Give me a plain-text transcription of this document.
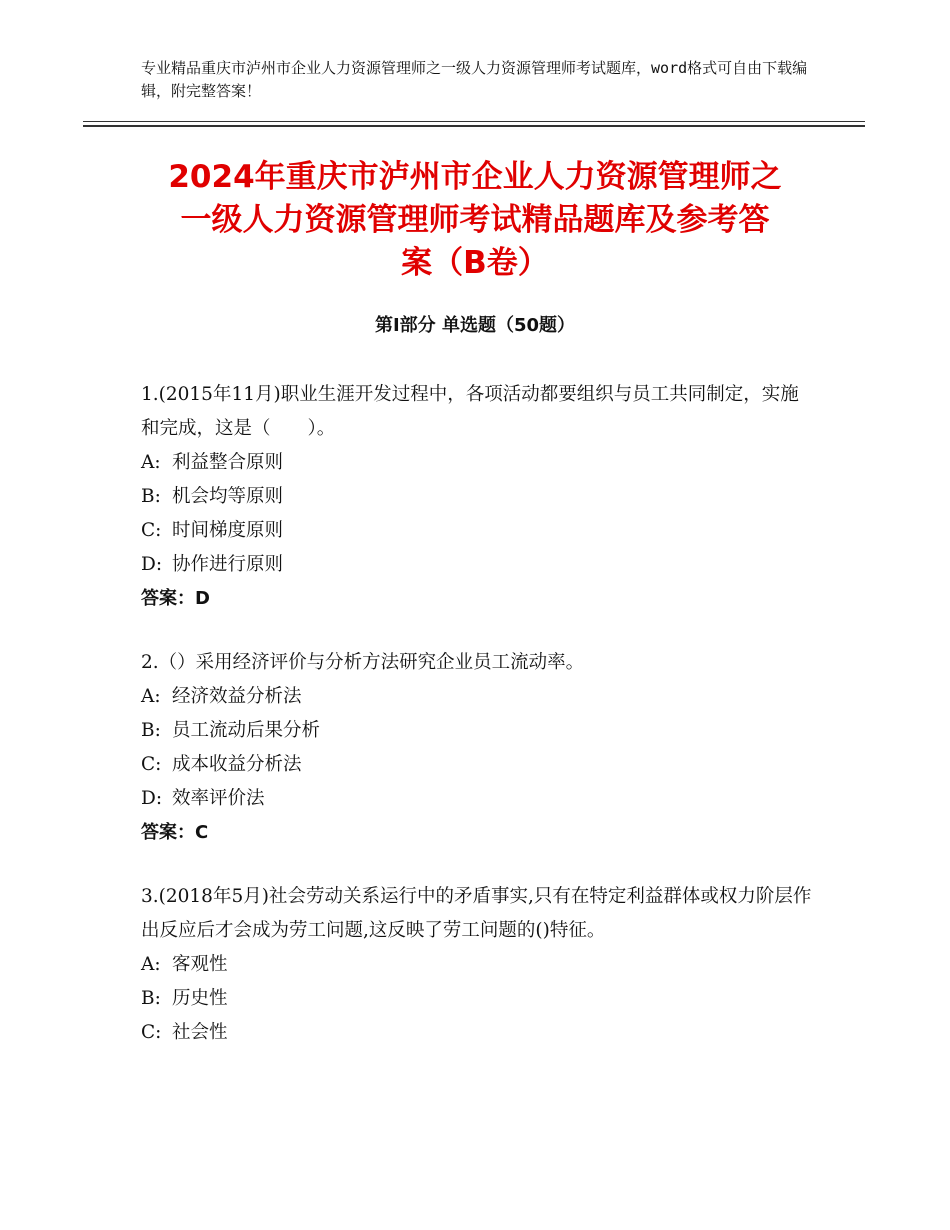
专业精品重庆市泸州市企业人力资源管理师之一级人力资源管理师考试题库，word格式可自由下载编辑，附完整答案！
2024年重庆市泸州市企业人力资源管理师之
一级人力资源管理师考试精品题库及参考答
案（B卷）
第Ⅰ部分 单选题（50题）

1.(2015年11月)职业生涯开发过程中，各项活动都要组织与员工共同制定，实施和完成，这是（　　）。

A: 利益整合原则

B: 机会均等原则

C: 时间梯度原则

D: 协作进行原则

答案：D

2.（）采用经济评价与分析方法研究企业员工流动率。

A: 经济效益分析法

B: 员工流动后果分析

C: 成本收益分析法

D: 效率评价法

答案：C

3.(2018年5月)社会劳动关系运行中的矛盾事实,只有在特定利益群体或权力阶层作出反应后才会成为劳工问题,这反映了劳工问题的()特征。

A: 客观性

B: 历史性

C: 社会性
